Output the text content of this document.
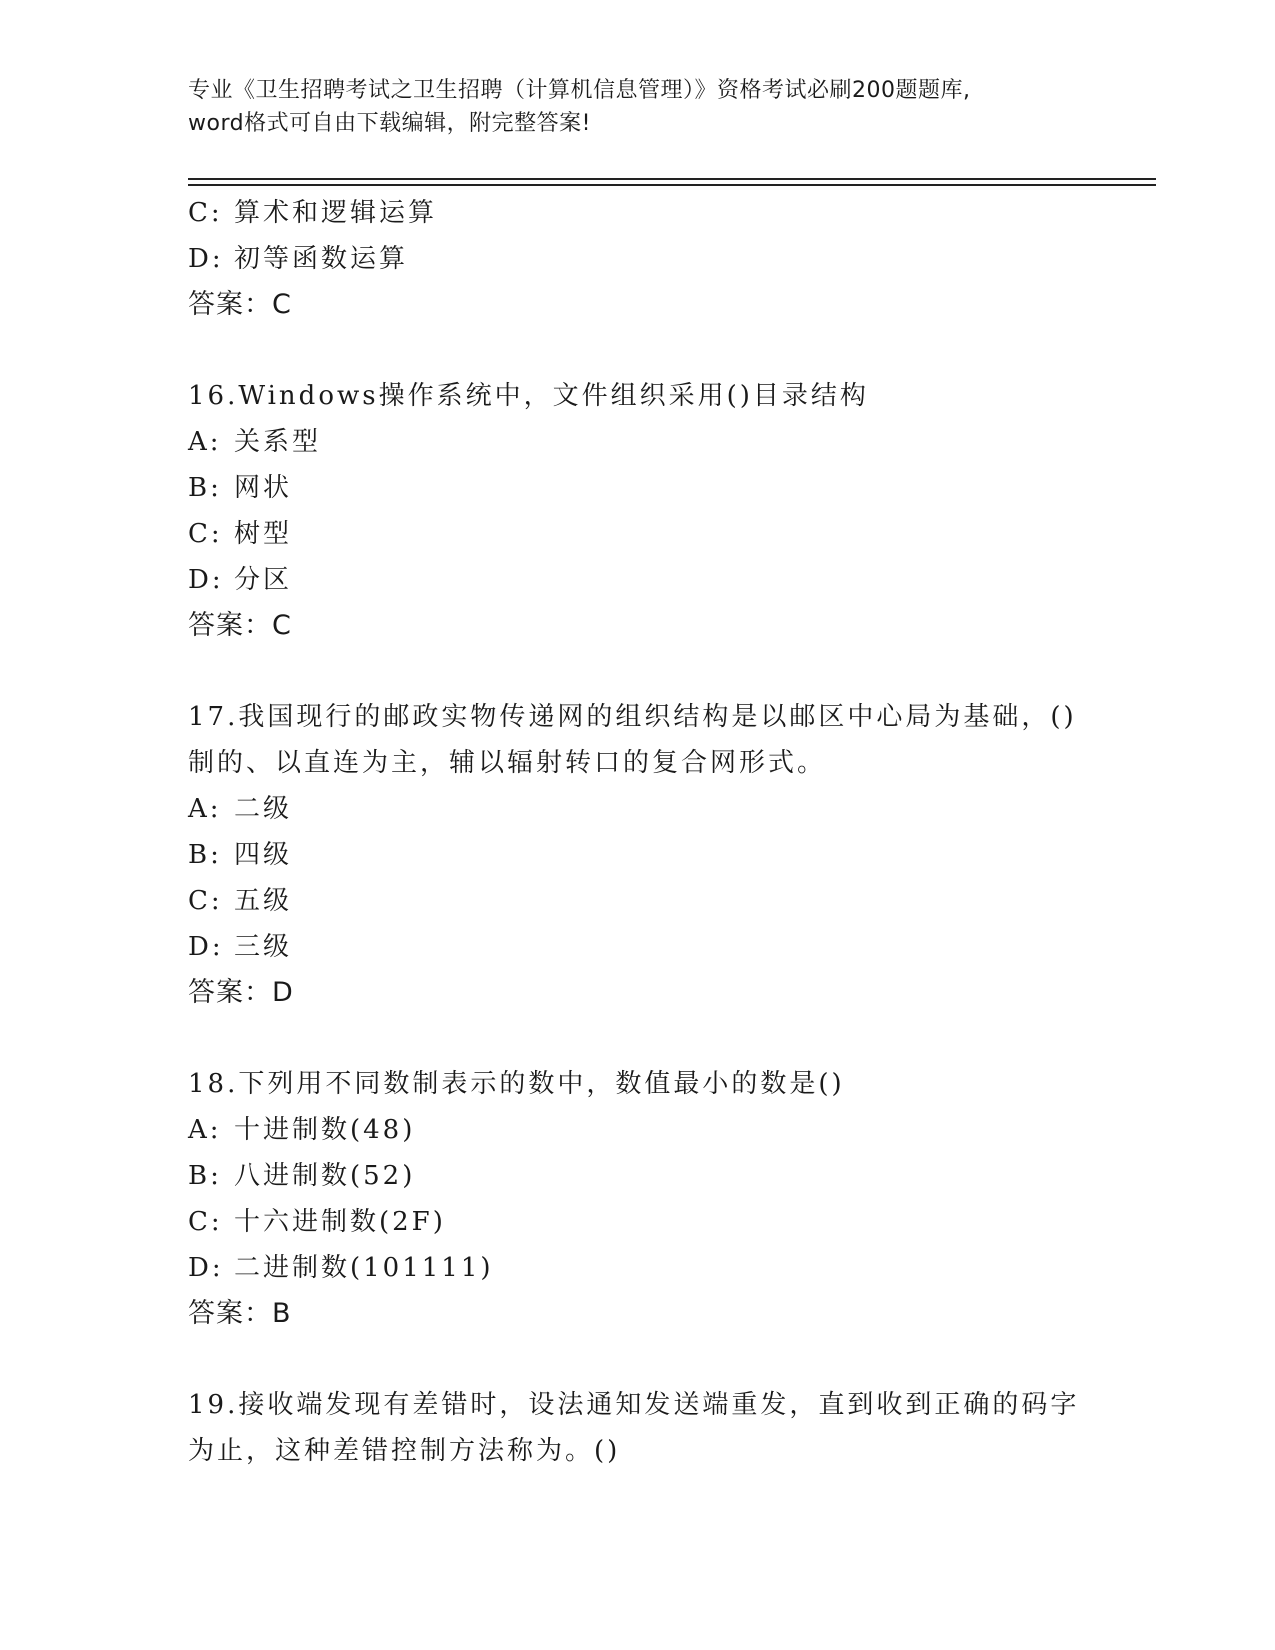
专业《卫生招聘考试之卫生招聘（计算机信息管理）》资格考试必刷200题题库,

word格式可自由下载编辑，附完整答案!

C: 算术和逻辑运算
D: 初等函数运算
答案：C
16.Windows操作系统中，文件组织采用()目录结构
A: 关系型
B: 网状
C: 树型
D: 分区
答案：C
17.我国现行的邮政实物传递网的组织结构是以邮区中心局为基础，()
制的、以直连为主，辅以辐射转口的复合网形式。
A: 二级
B: 四级
C: 五级
D: 三级
答案：D
18.下列用不同数制表示的数中，数值最小的数是()
A: 十进制数(48)
B: 八进制数(52)
C: 十六进制数(2F)
D: 二进制数(101111)
答案：B
19.接收端发现有差错时，设法通知发送端重发，直到收到正确的码字
为止，这种差错控制方法称为。()
